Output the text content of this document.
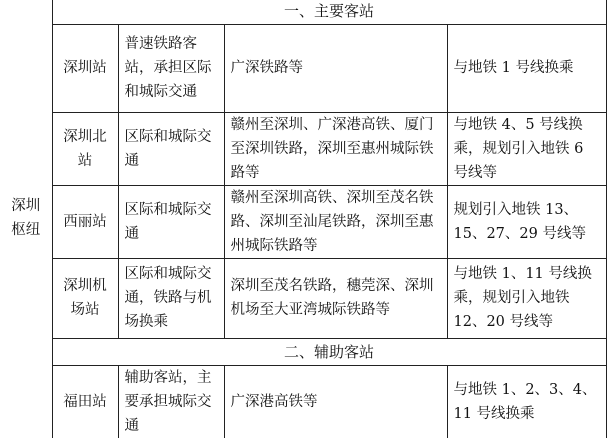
深圳
枢纽	一、主要客站			
	深圳站	普速铁路客站，承担区际和城际交通	广深铁路等	与地铁 1 号线换乘
	深圳北站	区际和城际交通	赣州至深圳、广深港高铁、厦门至深圳铁路，深圳至惠州城际铁路等	与地铁 4、5 号线换乘，规划引入地铁 6 号线等
	西丽站	区际和城际交通	赣州至深圳高铁、深圳至茂名铁路、深圳至汕尾铁路，深圳至惠州城际铁路等	规划引入地铁 13、15、27、29 号线等
	深圳机场站	区际和城际交通，铁路与机场换乘	深圳至茂名铁路，穗莞深、深圳机场至大亚湾城际铁路等	与地铁 1、11 号线换乘，规划引入地铁 12、20 号线等
	二、辅助客站			
	福田站	辅助客站，主要承担城际交通	广深港高铁等	与地铁 1、2、3、4、11 号线换乘
